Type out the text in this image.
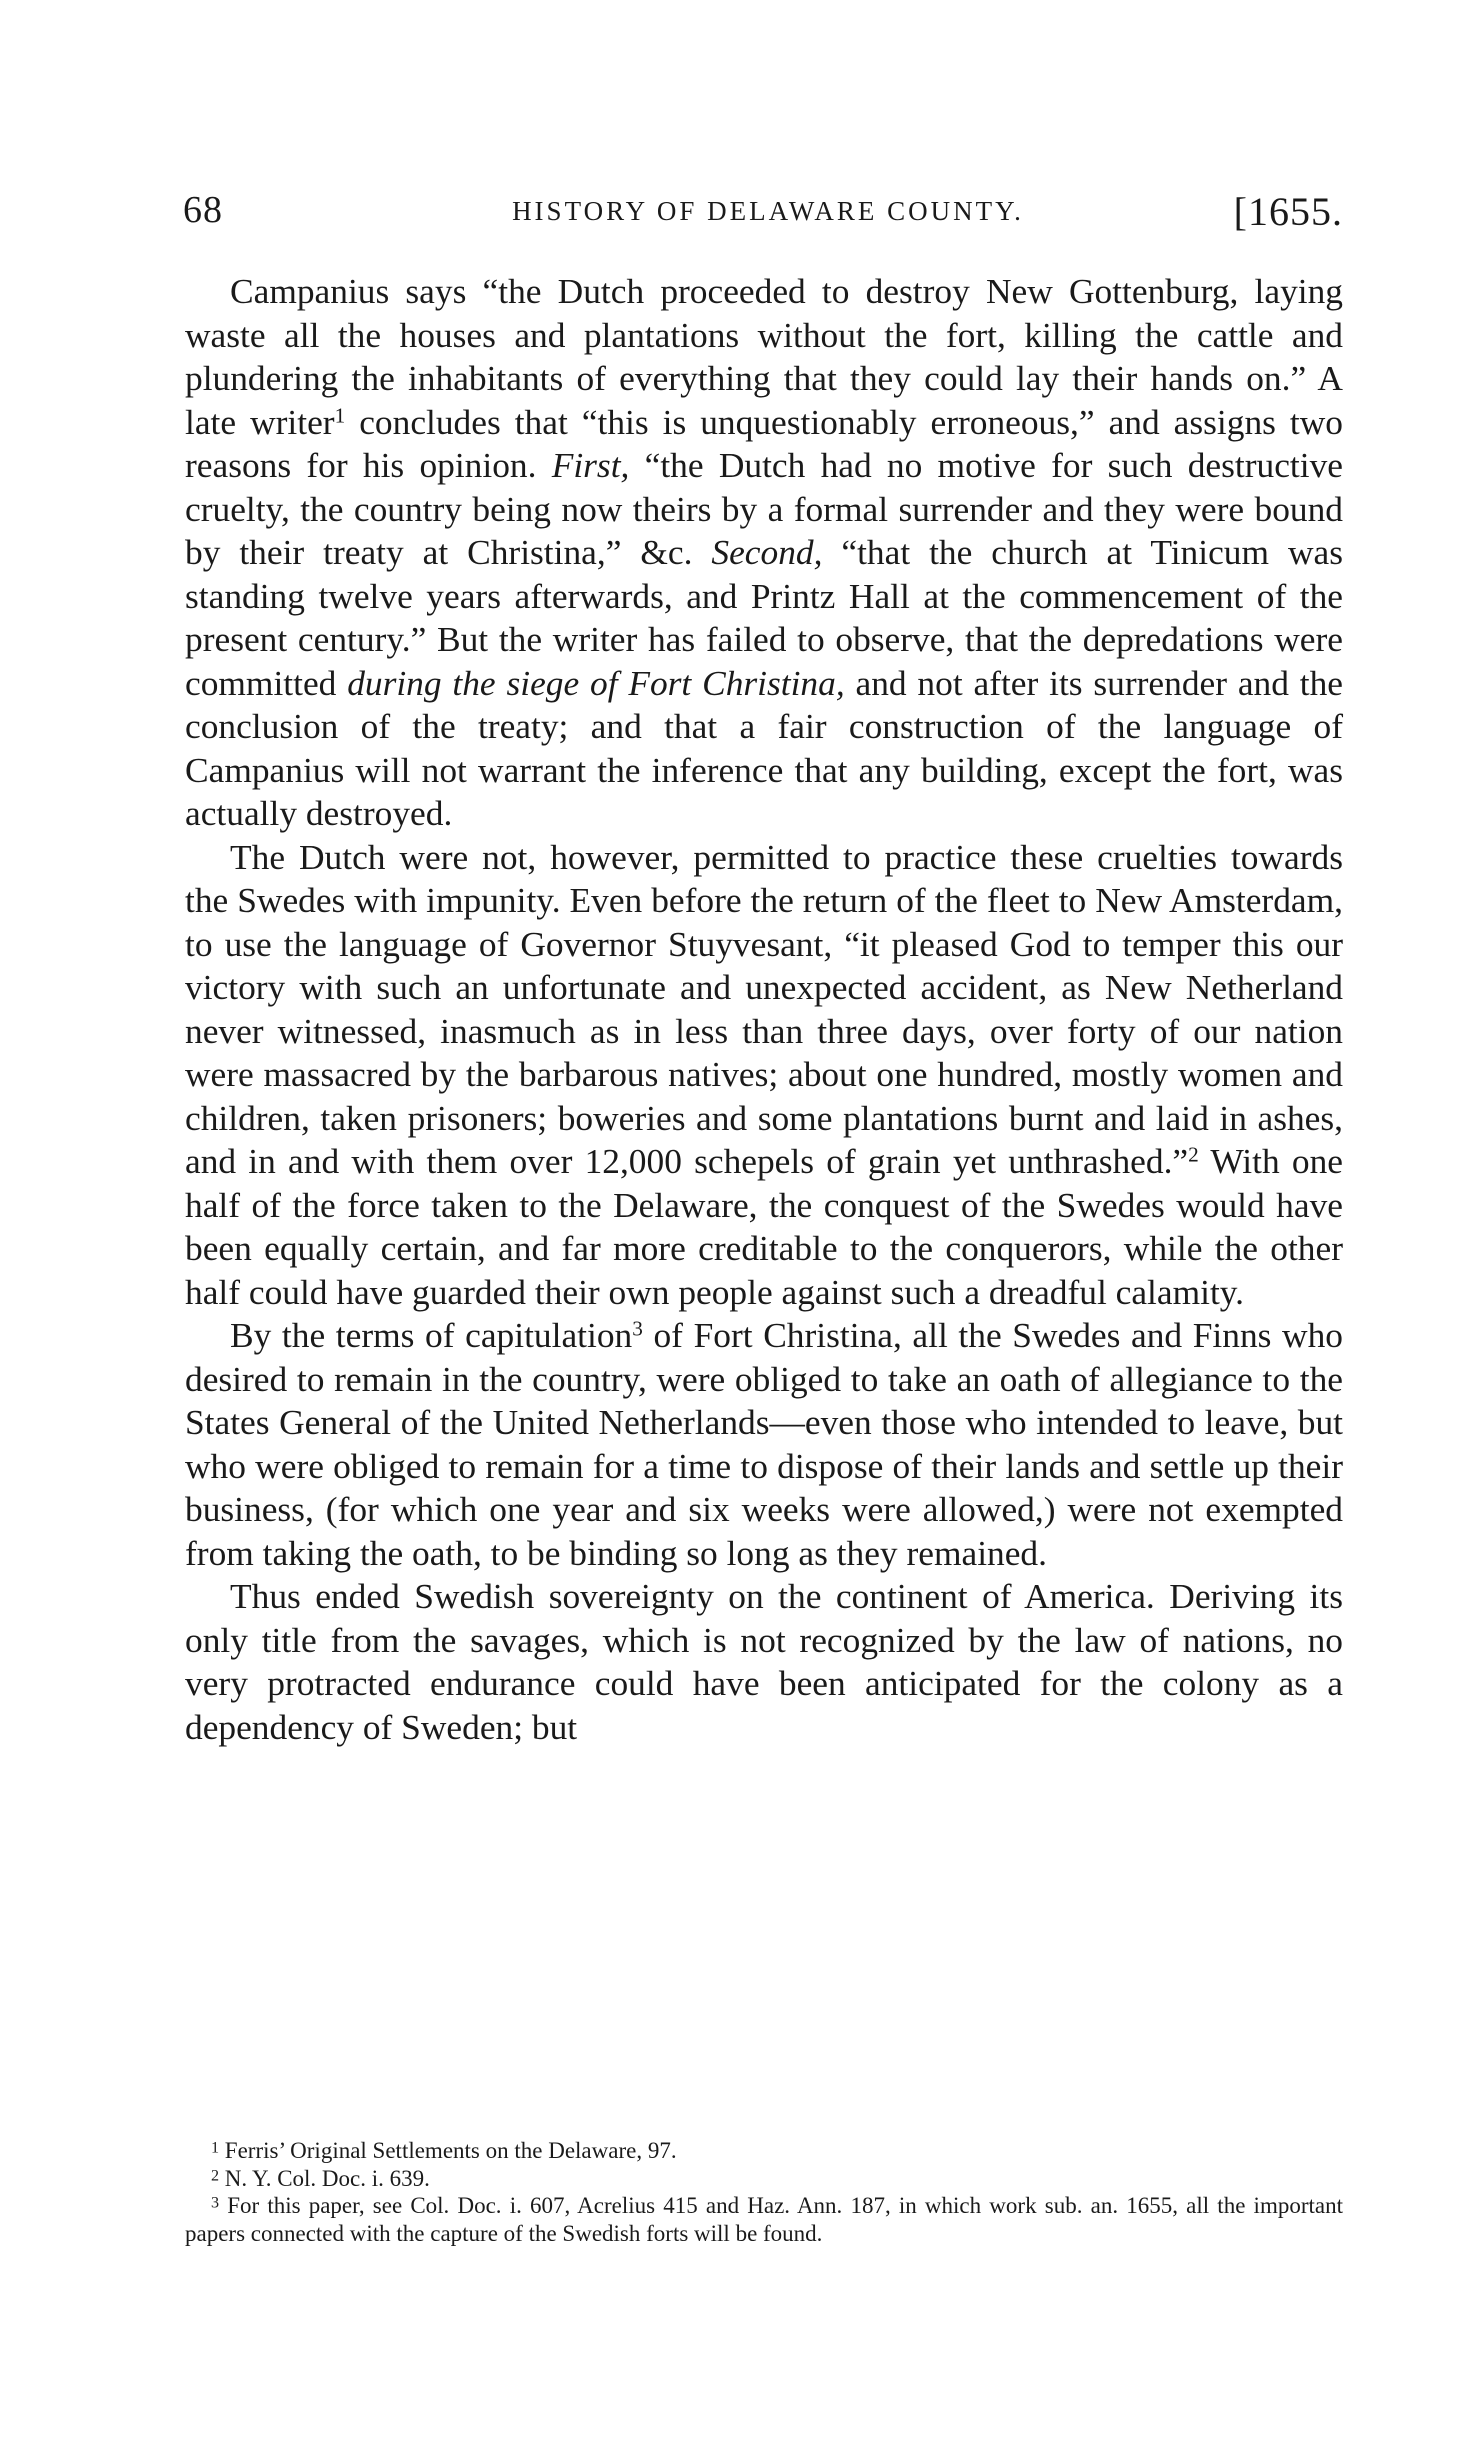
68	HISTORY OF DELAWARE COUNTY.	[1655.

Campanius says “the Dutch proceeded to destroy New Gottenburg, laying waste all the houses and plantations without the fort, killing the cattle and plundering the inhabitants of everything that they could lay their hands on.” A late writer$^1$ concludes that “this is unquestionably erroneous,” and assigns two reasons for his opinion. First, “the Dutch had no motive for such destructive cruelty, the country being now theirs by a formal surrender and they were bound by their treaty at Christina,” &c. Second, “that the church at Tinicum was standing twelve years afterwards, and Printz Hall at the commencement of the present century.” But the writer has failed to observe, that the depredations were committed during the siege of Fort Christina, and not after its surrender and the conclusion of the treaty; and that a fair construction of the language of Campanius will not warrant the inference that any building, except the fort, was actually destroyed.

The Dutch were not, however, permitted to practice these cruelties towards the Swedes with impunity. Even before the return of the fleet to New Amsterdam, to use the language of Governor Stuyvesant, “it pleased God to temper this our victory with such an unfortunate and unexpected accident, as New Netherland never witnessed, inasmuch as in less than three days, over forty of our nation were massacred by the barbarous natives; about one hundred, mostly women and children, taken prisoners; boweries and some plantations burnt and laid in ashes, and in and with them over 12,000 schepels of grain yet unthrashed.”$^2$ With one half of the force taken to the Delaware, the conquest of the Swedes would have been equally certain, and far more creditable to the conquerors, while the other half could have guarded their own people against such a dreadful calamity.

By the terms of capitulation$^3$ of Fort Christina, all the Swedes and Finns who desired to remain in the country, were obliged to take an oath of allegiance to the States General of the United Netherlands—even those who intended to leave, but who were obliged to remain for a time to dispose of their lands and settle up their business, (for which one year and six weeks were allowed,) were not exempted from taking the oath, to be binding so long as they remained.

Thus ended Swedish sovereignty on the continent of America. Deriving its only title from the savages, which is not recognized by the law of nations, no very protracted endurance could have been anticipated for the colony as a dependency of Sweden; but

$^1$ Ferris’ Original Settlements on the Delaware, 97.

$^2$ N. Y. Col. Doc. i. 639.

$^3$ For this paper, see Col. Doc. i. 607, Acrelius 415 and Haz. Ann. 187, in which work sub. an. 1655, all the important papers connected with the capture of the Swedish forts will be found.
